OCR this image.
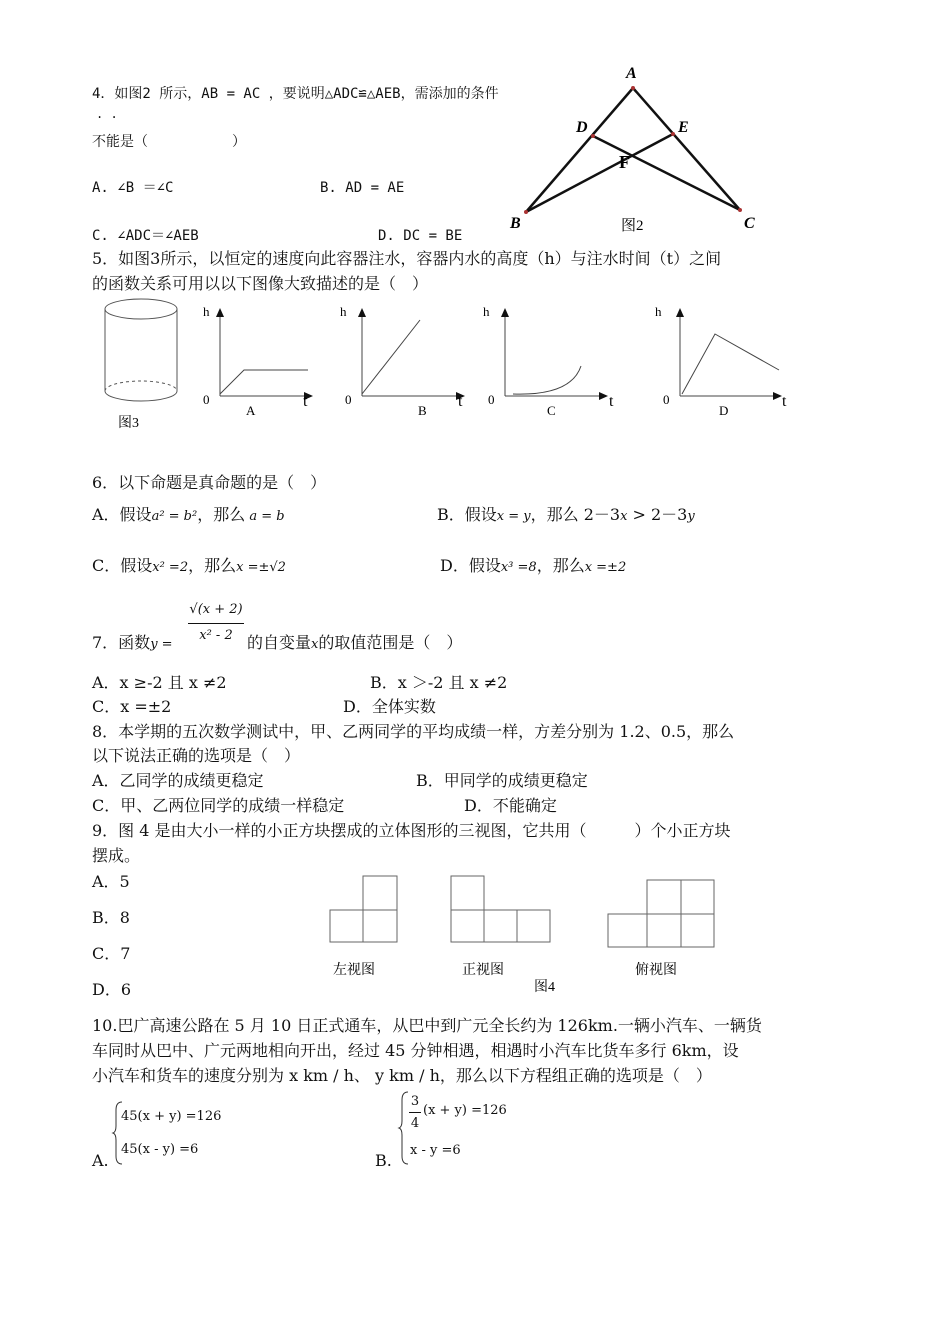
4．如图2 所示，AB = AC ，要说明△ADC≌△AEB，需添加的条件
. .
不能是（　　　　　　）
A. ∠B ＝∠C	B. AD = AE
C. ∠ADC＝∠AEB	D. DC = BE
A
D	E
F
B	C
图2
5．如图3所示，以恒定的速度向此容器注水，容器内水的高度（h）与注水时间（t）之间
的函数关系可用以以下图像大致描述的是（　）
图3
h
0	t
A
h
0	t
B
h
0	t
C
h
0	t
D
6．以下命题是真命题的是（　）
A．假设a² = b²，那么 a = b	B．假设x = y，那么 2－3x > 2－3y
C．假设x² =2，那么x =±√2	D．假设x³ =8，那么x =±2
7．函数y =
√(x + 2)
x² - 2 的自变量x的取值范围是（　）
A．x ≥-2 且 x ≠2	B．x ＞-2 且 x ≠2
C．x =±2	D．全体实数
8．本学期的五次数学测试中，甲、乙两同学的平均成绩一样，方差分别为 1.2、0.5，那么
以下说法正确的选项是（　）
A．乙同学的成绩更稳定	B．甲同学的成绩更稳定
C．甲、乙两位同学的成绩一样稳定	D．不能确定
9．图 4 是由大小一样的小正方块摆成的立体图形的三视图，它共用（　　　）个小正方块
摆成。
A．5
B．8
C．7
D．6
左视图	正视图	俯视图
图4
10.巴广高速公路在 5 月 10 日正式通车，从巴中到广元全长约为 126km.一辆小汽车、一辆货
车同时从巴中、广元两地相向开出，经过 45 分钟相遇，相遇时小汽车比货车多行 6km，设
小汽车和货车的速度分别为 x km / h、 y km / h，那么以下方程组正确的选项是（　）
A.
45(x + y) =126
45(x - y) =6
B.
3
4
(x + y) =126
x - y =6
